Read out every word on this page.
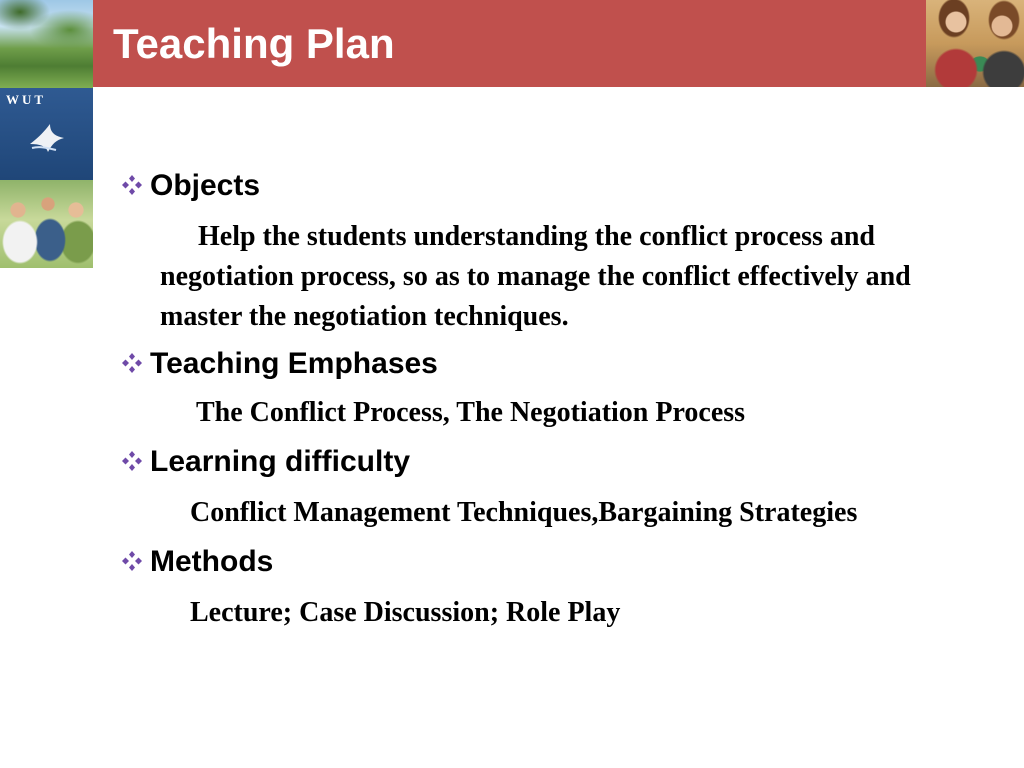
WUT
Teaching Plan
Objects
Help the students understanding the conflict process and negotiation process, so as to manage the conflict effectively and master the negotiation techniques.
Teaching Emphases
The Conflict Process, The Negotiation Process
Learning difficulty
Conflict Management Techniques,Bargaining Strategies
Methods
Lecture; Case Discussion; Role Play
